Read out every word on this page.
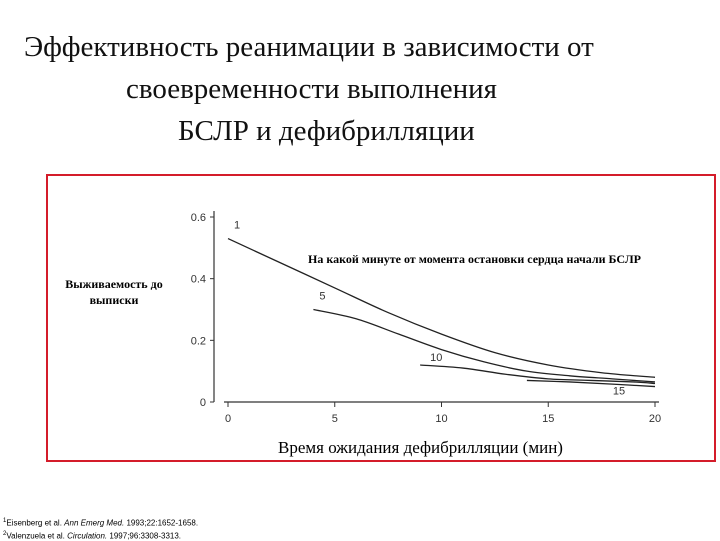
Эффективность реанимации в зависимости от
своевременности выполнения
БСЛР и дефибрилляции
Выживаемость до выписки
На какой минуте от момента остановки сердца начали БСЛР
Время ожидания дефибрилляции (мин)
0	5	10	15	20
0
0.2
0.4
0.6
1
5
10
15
$^1$Eisenberg et al. Ann Emerg Med. 1993;22:1652-1658.
$^2$Valenzuela et al. Circulation. 1997;96:3308-3313.
